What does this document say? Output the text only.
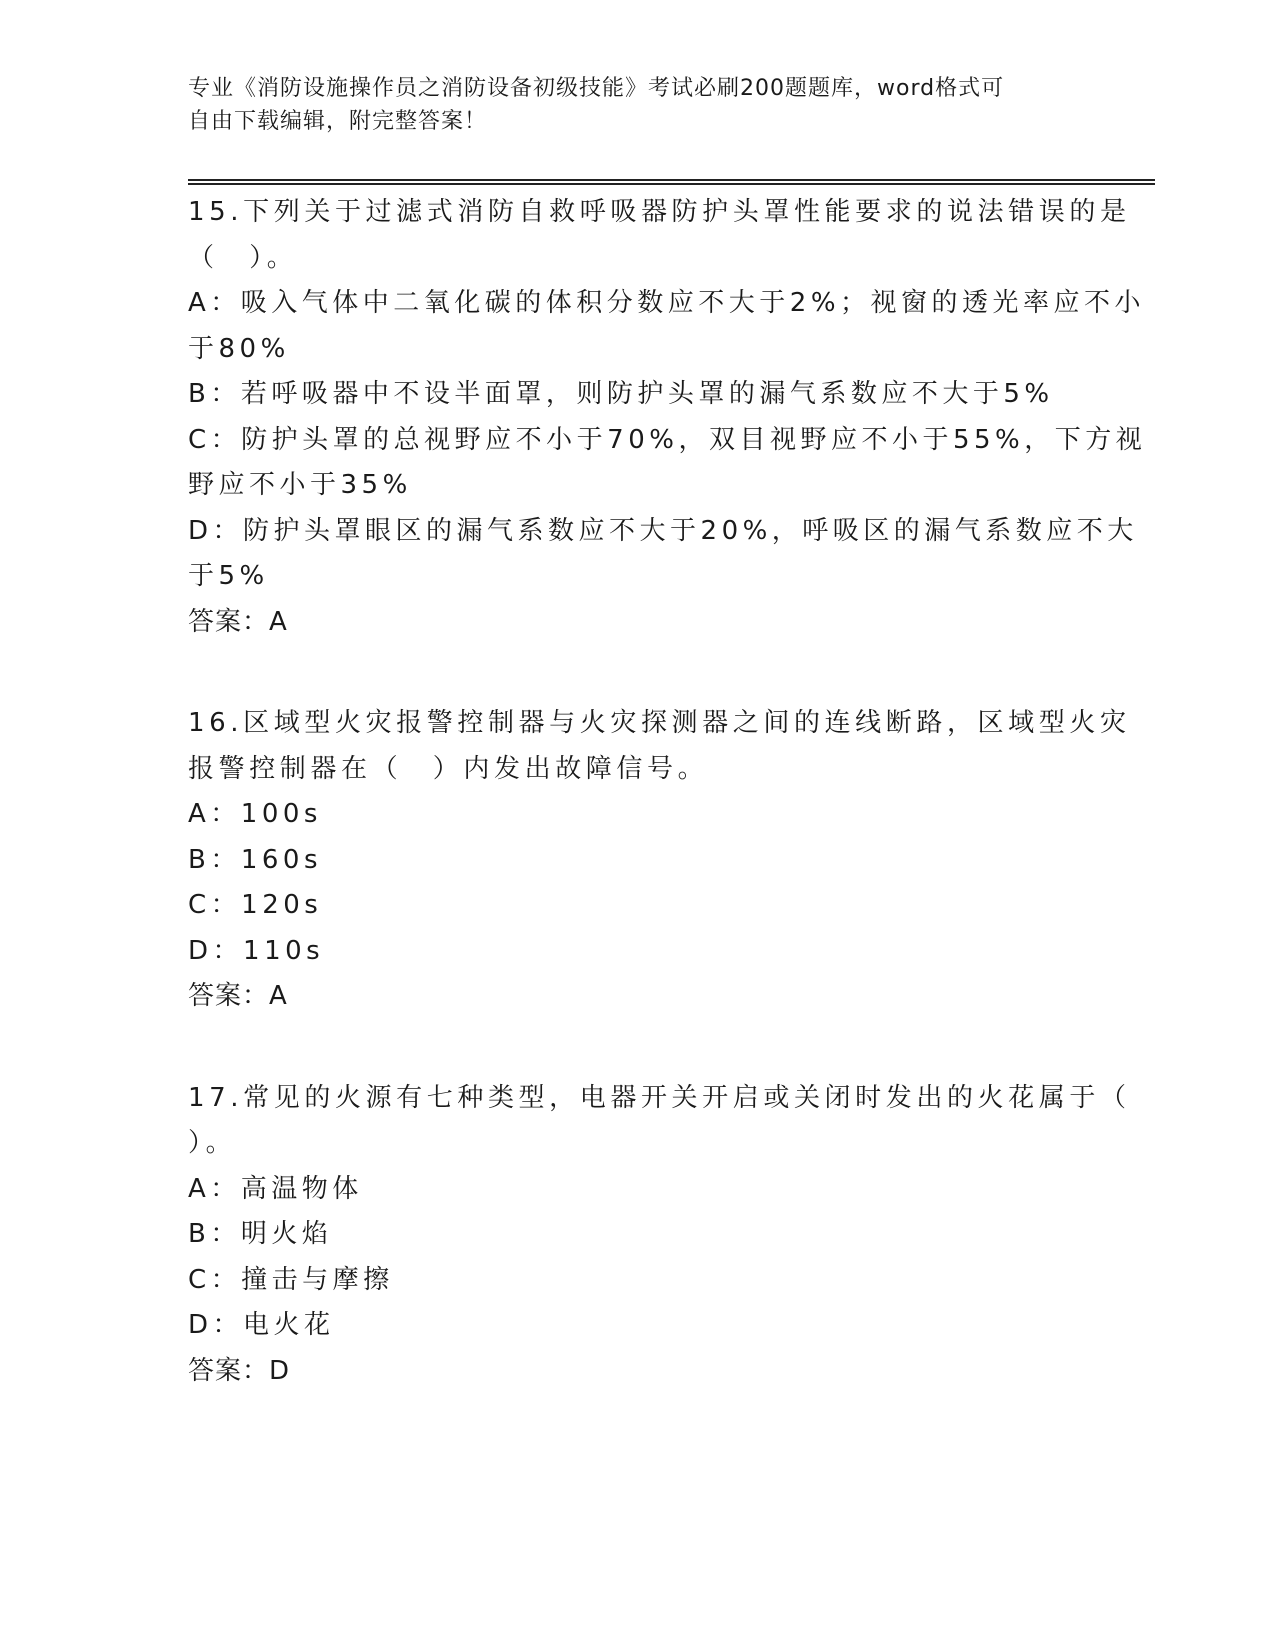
专业《消防设施操作员之消防设备初级技能》考试必刷200题题库，word格式可
自由下载编辑，附完整答案！
15.下列关于过滤式消防自救呼吸器防护头罩性能要求的说法错误的是
（　）。
A：吸入气体中二氧化碳的体积分数应不大于2%；视窗的透光率应不小
于80%
B：若呼吸器中不设半面罩，则防护头罩的漏气系数应不大于5%
C：防护头罩的总视野应不小于70%，双目视野应不小于55%，下方视
野应不小于35%
D：防护头罩眼区的漏气系数应不大于20%，呼吸区的漏气系数应不大
于5%
答案：A
16.区域型火灾报警控制器与火灾探测器之间的连线断路，区域型火灾
报警控制器在（　）内发出故障信号。
A：100s
B：160s
C：120s
D：110s
答案：A
17.常见的火源有七种类型，电器开关开启或关闭时发出的火花属于（
）。
A：高温物体
B：明火焰
C：撞击与摩擦
D：电火花
答案：D
